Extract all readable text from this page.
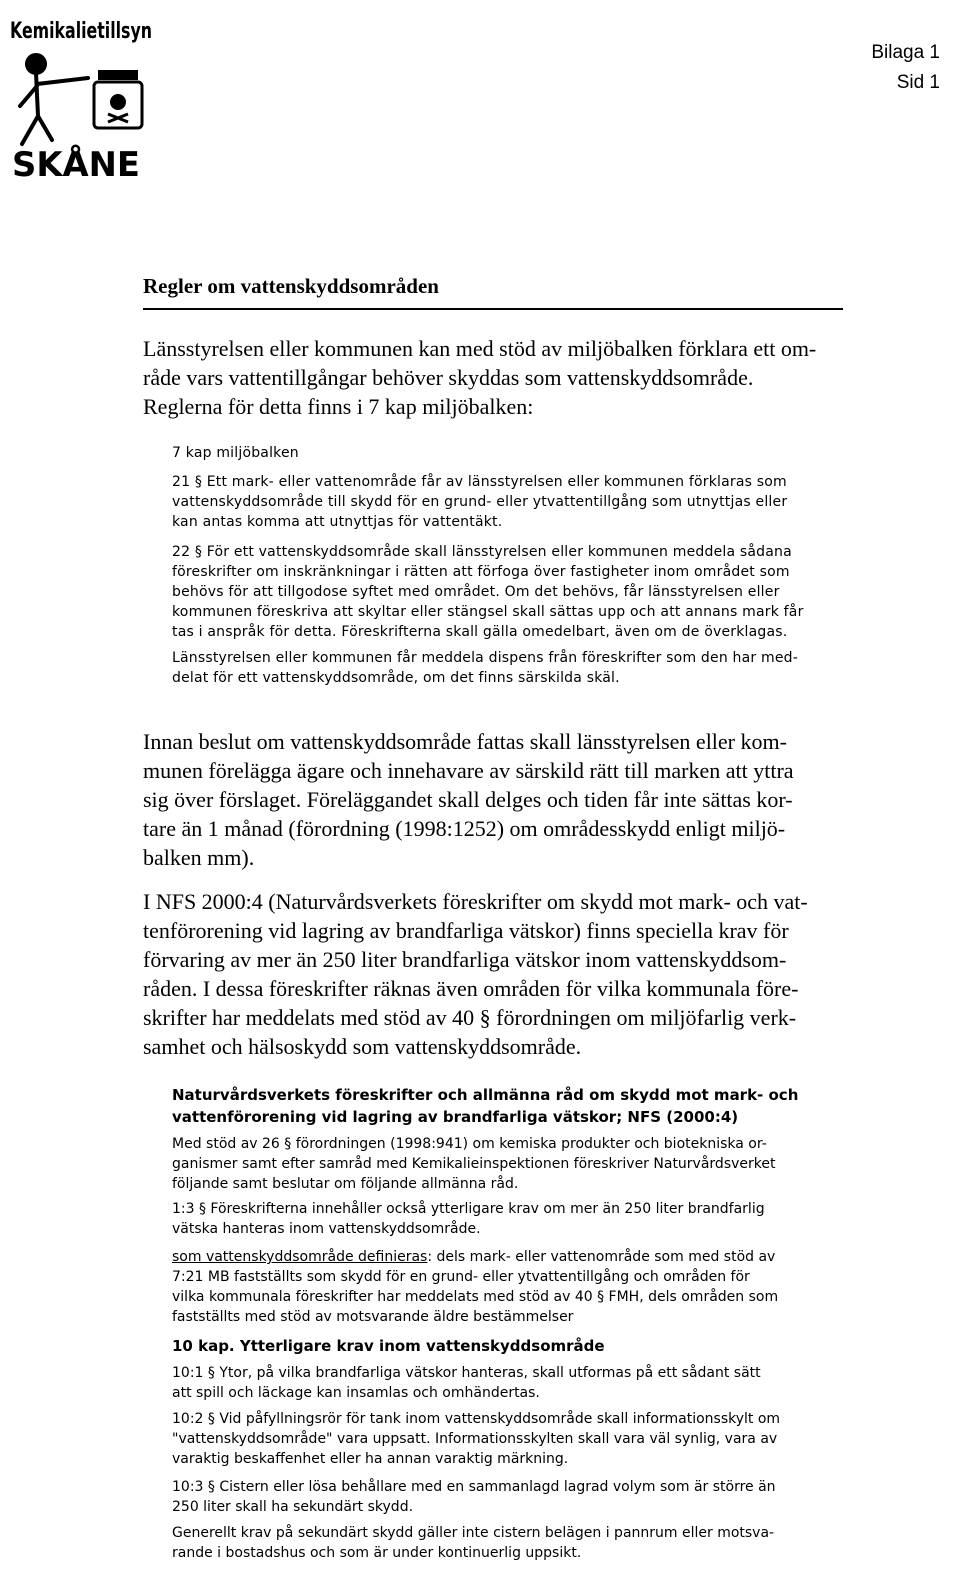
Kemikalietillsyn
SKÅNE
Bilaga 1
Sid 1
Regler om vattenskyddsområden
Länsstyrelsen eller kommunen kan med stöd av miljöbalken förklara ett om-
råde vars vattentillgångar behöver skyddas som vattenskyddsområde.
Reglerna för detta finns i 7 kap miljöbalken:
7 kap miljöbalken
21 § Ett mark- eller vattenområde får av länsstyrelsen eller kommunen förklaras som
vattenskyddsområde till skydd för en grund- eller ytvattentillgång som utnyttjas eller
kan antas komma att utnyttjas för vattentäkt.
22 § För ett vattenskyddsområde skall länsstyrelsen eller kommunen meddela sådana
föreskrifter om inskränkningar i rätten att förfoga över fastigheter inom området som
behövs för att tillgodose syftet med området. Om det behövs, får länsstyrelsen eller
kommunen föreskriva att skyltar eller stängsel skall sättas upp och att annans mark får
tas i anspråk för detta. Föreskrifterna skall gälla omedelbart, även om de överklagas.
Länsstyrelsen eller kommunen får meddela dispens från föreskrifter som den har med-
delat för ett vattenskyddsområde, om det finns särskilda skäl.
Innan beslut om vattenskyddsområde fattas skall länsstyrelsen eller kom-
munen förelägga ägare och innehavare av särskild rätt till marken att yttra
sig över förslaget. Föreläggandet skall delges och tiden får inte sättas kor-
tare än 1 månad (förordning (1998:1252) om områdesskydd enligt miljö-
balken mm).
I NFS 2000:4 (Naturvårdsverkets föreskrifter om skydd mot mark- och vat-
tenförorening vid lagring av brandfarliga vätskor) finns speciella krav för
förvaring av mer än 250 liter brandfarliga vätskor inom vattenskyddsom-
råden. I dessa föreskrifter räknas även områden för vilka kommunala före-
skrifter har meddelats med stöd av 40 § förordningen om miljöfarlig verk-
samhet och hälsoskydd som vattenskyddsområde.
Naturvårdsverkets föreskrifter och allmänna råd om skydd mot mark- och
vattenförorening vid lagring av brandfarliga vätskor; NFS (2000:4)
Med stöd av 26 § förordningen (1998:941) om kemiska produkter och biotekniska or-
ganismer samt efter samråd med Kemikalieinspektionen föreskriver Naturvårdsverket
följande samt beslutar om följande allmänna råd.
1:3 § Föreskrifterna innehåller också ytterligare krav om mer än 250 liter brandfarlig
vätska hanteras inom vattenskyddsområde.
som vattenskyddsområde definieras: dels mark- eller vattenområde som med stöd av
7:21 MB fastställts som skydd för en grund- eller ytvattentillgång och områden för
vilka kommunala föreskrifter har meddelats med stöd av 40 § FMH, dels områden som
fastställts med stöd av motsvarande äldre bestämmelser
10 kap. Ytterligare krav inom vattenskyddsområde
10:1 § Ytor, på vilka brandfarliga vätskor hanteras, skall utformas på ett sådant sätt
att spill och läckage kan insamlas och omhändertas.
10:2 § Vid påfyllningsrör för tank inom vattenskyddsområde skall informationsskylt om
"vattenskyddsområde" vara uppsatt. Informationsskylten skall vara väl synlig, vara av
varaktig beskaffenhet eller ha annan varaktig märkning.
10:3 § Cistern eller lösa behållare med en sammanlagd lagrad volym som är större än
250 liter skall ha sekundärt skydd.
Generellt krav på sekundärt skydd gäller inte cistern belägen i pannrum eller motsva-
rande i bostadshus och som är under kontinuerlig uppsikt.
